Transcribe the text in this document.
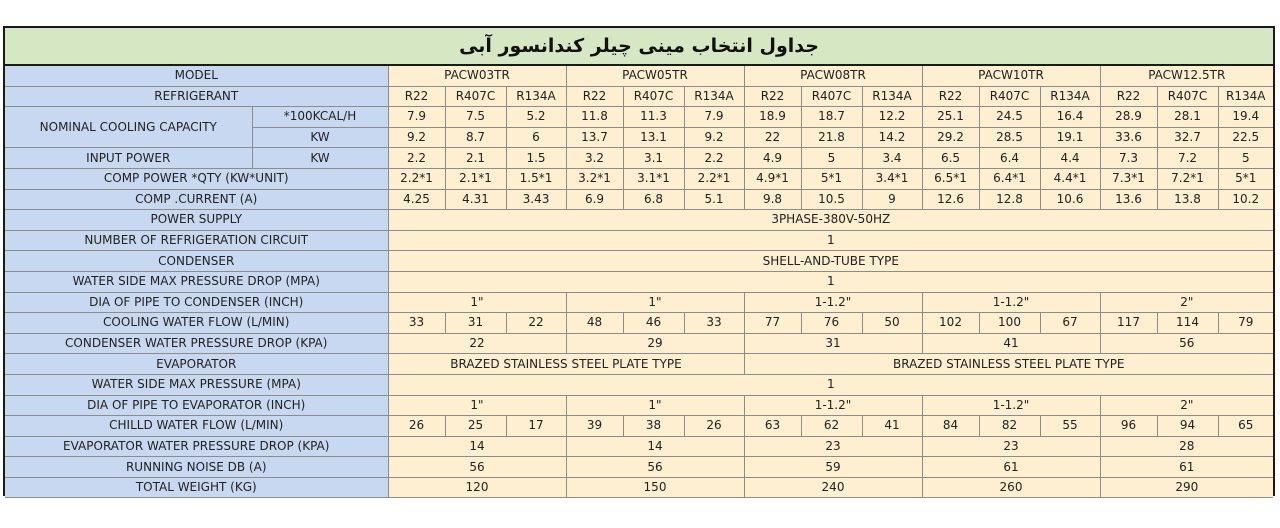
جداول انتخاب مینی چیلر کندانسور آبی
MODEL		PACW03TR			PACW05TR			PACW08TR			PACW10TR			PACW12.5TR		
REFRIGERANT		R22	R407C	R134A	R22	R407C	R134A	R22	R407C	R134A	R22	R407C	R134A	R22	R407C	R134A
NOMINAL COOLING CAPACITY	*100KCAL/H	7.9	7.5	5.2	11.8	11.3	7.9	18.9	18.7	12.2	25.1	24.5	16.4	28.9	28.1	19.4
	KW	9.2	8.7	6	13.7	13.1	9.2	22	21.8	14.2	29.2	28.5	19.1	33.6	32.7	22.5
INPUT POWER	KW	2.2	2.1	1.5	3.2	3.1	2.2	4.9	5	3.4	6.5	6.4	4.4	7.3	7.2	5
COMP POWER *QTY (KW*UNIT)		2.2*1	2.1*1	1.5*1	3.2*1	3.1*1	2.2*1	4.9*1	5*1	3.4*1	6.5*1	6.4*1	4.4*1	7.3*1	7.2*1	5*1
COMP .CURRENT (A)		4.25	4.31	3.43	6.9	6.8	5.1	9.8	10.5	9	12.6	12.8	10.6	13.6	13.8	10.2
POWER SUPPLY		3PHASE-380V-50HZ														
NUMBER OF REFRIGERATION CIRCUIT		1														
CONDENSER		SHELL-AND-TUBE TYPE														
WATER SIDE MAX PRESSURE DROP (MPA)		1														
DIA OF PIPE TO CONDENSER (INCH)		1"			1"			1-1.2"			1-1.2"			2"		
COOLING WATER FLOW (L/MIN)		33	31	22	48	46	33	77	76	50	102	100	67	117	114	79
CONDENSER WATER PRESSURE DROP (KPA)		22			29			31			41			56		
EVAPORATOR		BRAZED STAINLESS STEEL PLATE TYPE						BRAZED STAINLESS STEEL PLATE TYPE								
WATER SIDE MAX PRESSURE (MPA)		1														
DIA OF PIPE TO EVAPORATOR (INCH)		1"			1"			1-1.2"			1-1.2"			2"		
CHILLD WATER FLOW (L/MIN)		26	25	17	39	38	26	63	62	41	84	82	55	96	94	65
EVAPORATOR WATER PRESSURE DROP (KPA)		14			14			23			23			28		
RUNNING NOISE DB (A)		56			56			59			61			61		
TOTAL WEIGHT (KG)		120			150			240			260			290		
